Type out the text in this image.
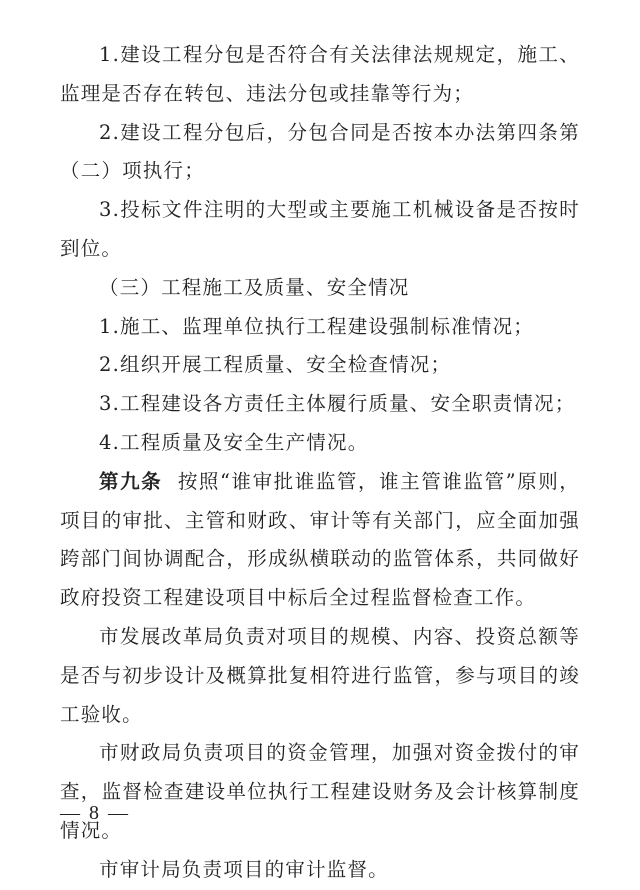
1.建设工程分包是否符合有关法律法规规定，施工、监理是否存在转包、违法分包或挂靠等行为；

2.建设工程分包后，分包合同是否按本办法第四条第（二）项执行；

3.投标文件注明的大型或主要施工机械设备是否按时到位。

（三）工程施工及质量、安全情况

1.施工、监理单位执行工程建设强制标准情况；

2.组织开展工程质量、安全检查情况；

3.工程建设各方责任主体履行质量、安全职责情况；

4.工程质量及安全生产情况。

第九条 按照“谁审批谁监管，谁主管谁监管”原则，项目的审批、主管和财政、审计等有关部门，应全面加强跨部门间协调配合，形成纵横联动的监管体系，共同做好政府投资工程建设项目中标后全过程监督检查工作。

市发展改革局负责对项目的规模、内容、投资总额等是否与初步设计及概算批复相符进行监管，参与项目的竣工验收。

市财政局负责项目的资金管理，加强对资金拨付的审查，监督检查建设单位执行工程建设财务及会计核算制度情况。

市审计局负责项目的审计监督。

— 8 —
